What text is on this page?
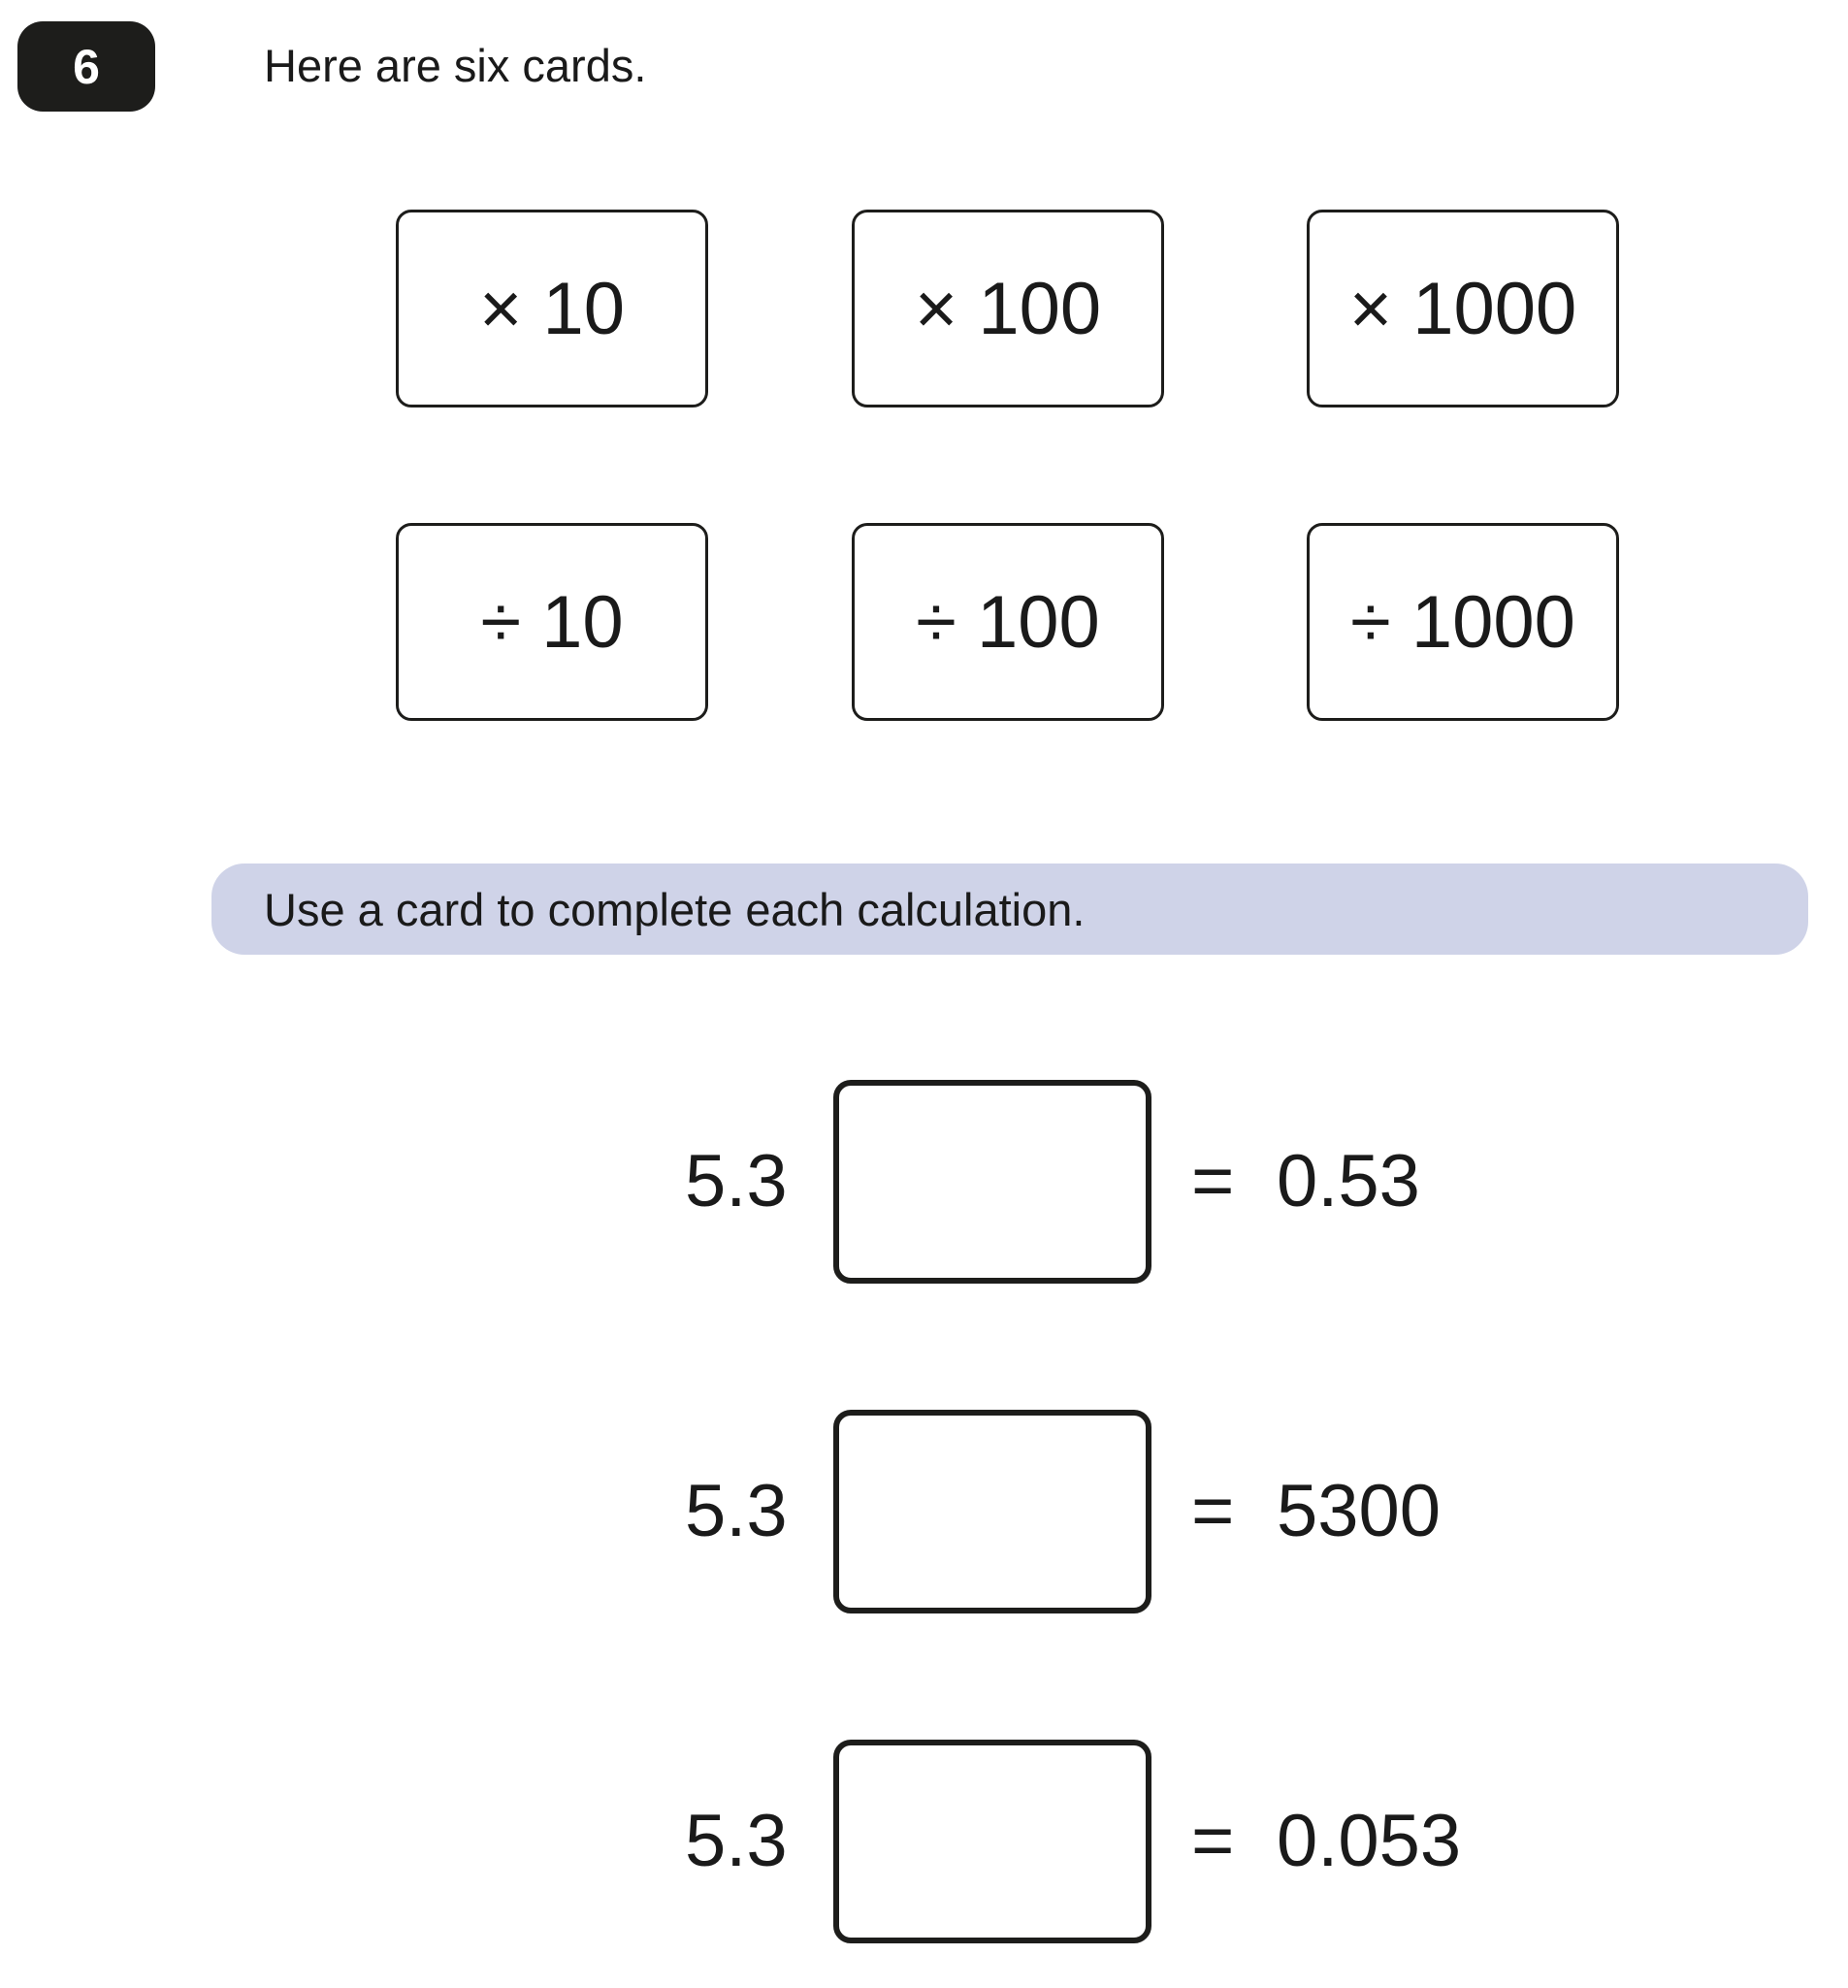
6	Here are six cards.
× 10	× 100	× 1000
÷ 10	÷ 100	÷ 1000
Use a card to complete each calculation.
5.3	= 0.53
5.3	= 5300
5.3	= 0.053
